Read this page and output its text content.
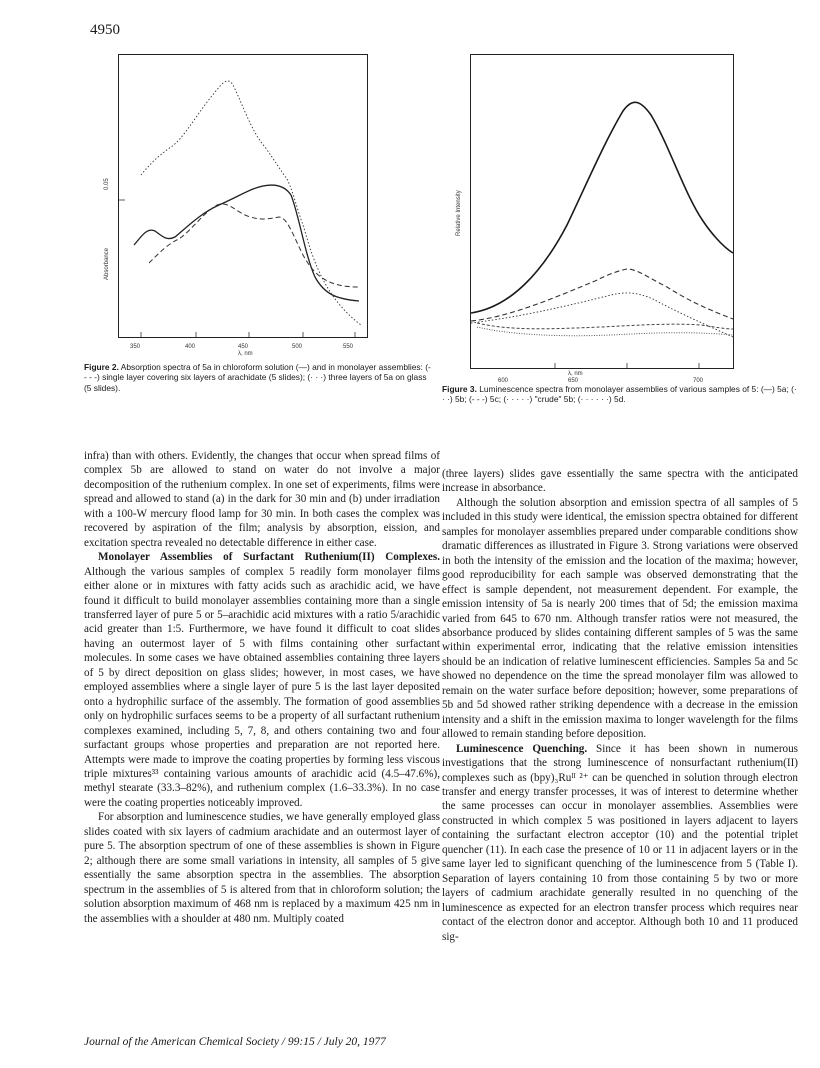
4950
350	400	450	500	550
λ, nm
0.05
Absorbance
Figure 2. Absorption spectra of 5a in chloroform solution (—) and in monolayer assemblies: (- - - -) single layer covering six layers of arachidate (5 slides); (· · ·) three layers of 5a on glass (5 slides).
600	650	700
λ, nm
Relative Intensity
Figure 3. Luminescence spectra from monolayer assemblies of various samples of 5: (—) 5a; (· · ·) 5b; (- - -) 5c; (· · · · ·) "crude" 5b; (· · · · · ·) 5d.

infra) than with others. Evidently, the changes that occur when spread films of complex 5b are allowed to stand on water do not involve a major decomposition of the ruthenium complex. In one set of experiments, films were spread and allowed to stand (a) in the dark for 30 min and (b) under irradiation with a 100-W mercury flood lamp for 30 min. In both cases the complex was recovered by aspiration of the film; analysis by absorption, eission, and excitation spectra revealed no detectable difference in either case.

Monolayer Assemblies of Surfactant Ruthenium(II) Complexes. Although the various samples of complex 5 readily form monolayer films either alone or in mixtures with fatty acids such as arachidic acid, we have found it difficult to build monolayer assemblies containing more than a single transferred layer of pure 5 or 5–arachidic acid mixtures with a ratio 5/arachidic acid greater than 1:5. Furthermore, we have found it difficult to coat slides having an outermost layer of 5 with films containing other surfactant molecules. In some cases we have obtained assemblies containing three layers of 5 by direct deposition on glass slides; however, in most cases, we have employed assemblies where a single layer of pure 5 is the last layer deposited onto a hydrophilic surface of the assembly. The formation of good assemblies only on hydrophilic surfaces seems to be a property of all surfactant ruthenium complexes examined, including 5, 7, 8, and others containing two and four surfactant groups whose properties and preparation are not reported here. Attempts were made to improve the coating properties by forming less viscous triple mixtures³³ containing various amounts of arachidic acid (4.5–47.6%), methyl stearate (33.3–82%), and ruthenium complex (1.6–33.3%). In no case were the coating properties noticeably improved.

For absorption and luminescence studies, we have generally employed glass slides coated with six layers of cadmium arachidate and an outermost layer of pure 5. The absorption spectrum of one of these assemblies is shown in Figure 2; although there are some small variations in intensity, all samples of 5 give essentially the same absorption spectra in the assemblies. The absorption spectrum in the assemblies of 5 is altered from that in chloroform solution; the solution absorption maximum of 468 nm is replaced by a maximum 425 nm in the assemblies with a shoulder at 480 nm. Multiply coated

(three layers) slides gave essentially the same spectra with the anticipated increase in absorbance.

Although the solution absorption and emission spectra of all samples of 5 included in this study were identical, the emission spectra obtained for different samples for monolayer assemblies prepared under comparable conditions show dramatic differences as illustrated in Figure 3. Strong variations were observed in both the intensity of the emission and the location of the maxima; however, good reproducibility for each sample was observed demonstrating that the effect is sample dependent, not measurement dependent. For example, the emission intensity of 5a is nearly 200 times that of 5d; the emission maxima varied from 645 to 670 nm. Although transfer ratios were not measured, the absorbance produced by slides containing different samples of 5 was the same within experimental error, indicating that the relative emission intensities should be an indication of relative luminescent efficiencies. Samples 5a and 5c showed no dependence on the time the spread monolayer film was allowed to remain on the water surface before deposition; however, some preparations of 5b and 5d showed rather striking dependence with a decrease in the emission intensity and a shift in the emission maxima to longer wavelength for the films allowed to remain standing before deposition.

Luminescence Quenching. Since it has been shown in numerous investigations that the strong luminescence of nonsurfactant ruthenium(II) complexes such as (bpy)₃Ruᴵᴵ ²⁺ can be quenched in solution through electron transfer and energy transfer processes, it was of interest to determine whether the same processes can occur in monolayer assemblies. Assemblies were constructed in which complex 5 was positioned in layers adjacent to layers containing the surfactant electron acceptor (10) and the potential triplet quencher (11). In each case the presence of 10 or 11 in adjacent layers or in the same layer led to significant quenching of the luminescence from 5 (Table I). Separation of layers containing 10 from those containing 5 by two or more layers of cadmium arachidate generally resulted in no quenching of the luminescence as expected for an electron transfer process which requires near contact of the electron donor and acceptor. Although both 10 and 11 produced sig-

Journal of the American Chemical Society / 99:15 / July 20, 1977
